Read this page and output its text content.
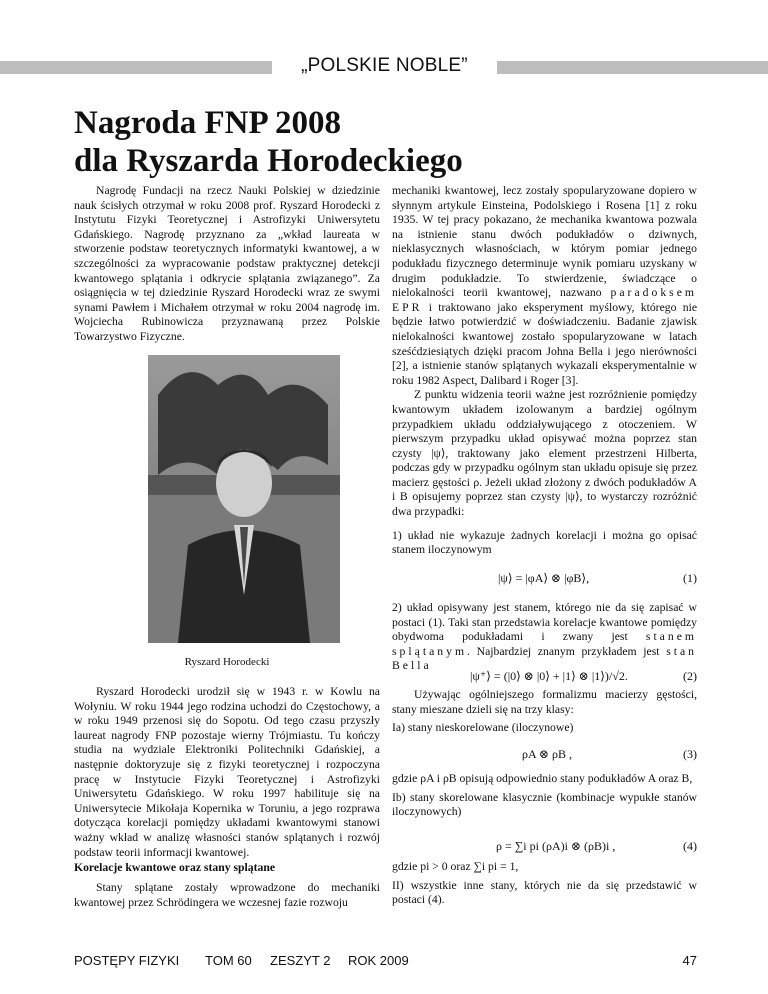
„POLSKIE NOBLE”
Nagroda FNP 2008
dla Ryszarda Horodeckiego

Nagrodę Fundacji na rzecz Nauki Polskiej w dziedzinie nauk ścisłych otrzymał w roku 2008 prof. Ryszard Horodecki z Instytutu Fizyki Teoretycznej i Astrofizyki Uniwersytetu Gdańskiego. Nagrodę przyznano za „wkład laureata w stworzenie podstaw teoretycznych informatyki kwantowej, a w szczególności za wypracowanie podstaw praktycznej detekcji kwantowego splątania i odkrycie splątania związanego”. Za osiągnięcia w tej dziedzinie Ryszard Horodecki wraz ze swymi synami Pawłem i Michałem otrzymał w roku 2004 nagrodę im. Wojciecha Rubinowicza przyznawaną przez Polskie Towarzystwo Fizyczne.

Ryszard Horodecki

Ryszard Horodecki urodził się w 1943 r. w Kowlu na Wołyniu. W roku 1944 jego rodzina uchodzi do Częstochowy, a w roku 1949 przenosi się do Sopotu. Od tego czasu przyszły laureat nagrody FNP pozostaje wierny Trójmiastu. Tu kończy studia na wydziale Elektroniki Politechniki Gdańskiej, a następnie doktoryzuje się z fizyki teoretycznej i rozpoczyna pracę w Instytucie Fizyki Teoretycznej i Astrofizyki Uniwersytetu Gdańskiego. W roku 1997 habilituje się na Uniwersytecie Mikołaja Kopernika w Toruniu, a jego rozprawa dotycząca korelacji pomiędzy układami kwantowymi stanowi ważny wkład w analizę własności stanów splątanych i rozwój podstaw teorii informacji kwantowej.

Korelacje kwantowe oraz stany splątane

Stany splątane zostały wprowadzone do mechaniki kwantowej przez Schrödingera we wczesnej fazie rozwoju

mechaniki kwantowej, lecz zostały spopularyzowane dopiero w słynnym artykule Einsteina, Podolskiego i Rosena [1] z roku 1935. W tej pracy pokazano, że mechanika kwantowa pozwala na istnienie stanu dwóch podukładów o dziwnych, nieklasycznych własnościach, w którym pomiar jednego podukładu fizycznego determinuje wynik pomiaru uzyskany w drugim podukładzie. To stwierdzenie, świadczące o nielokalności teorii kwantowej, nazwano paradoksem EPR i traktowano jako eksperyment myślowy, którego nie będzie łatwo potwierdzić w doświadczeniu. Badanie zjawisk nielokalności kwantowej zostało spopularyzowane w latach sześćdziesiątych dzięki pracom Johna Bella i jego nierówności [2], a istnienie stanów splątanych wykazali eksperymentalnie w roku 1982 Aspect, Dalibard i Roger [3].

Z punktu widzenia teorii ważne jest rozróżnienie pomiędzy kwantowym układem izolowanym a bardziej ogólnym przypadkiem układu oddziaływującego z otoczeniem. W pierwszym przypadku układ opisywać można poprzez stan czysty |ψ⟩, traktowany jako element przestrzeni Hilberta, podczas gdy w przypadku ogólnym stan układu opisuje się przez macierz gęstości ρ. Jeżeli układ złożony z dwóch podukładów A i B opisujemy poprzez stan czysty |ψ⟩, to wystarczy rozróżnić dwa przypadki:

1) układ nie wykazuje żadnych korelacji i można go opisać stanem iloczynowym

|ψ⟩ = |φA⟩ ⊗ |φB⟩,	(1)

2) układ opisywany jest stanem, którego nie da się zapisać w postaci (1). Taki stan przedstawia korelacje kwantowe pomiędzy obydwoma podukładami i zwany jest stanem splątanym. Najbardziej znanym przykładem jest stan Bella

|ψ⁺⟩ = (|0⟩ ⊗ |0⟩ + |1⟩ ⊗ |1⟩)/√2.	(2)

Używając ogólniejszego formalizmu macierzy gęstości, stany mieszane dzieli się na trzy klasy:

Ia) stany nieskorelowane (iloczynowe)

ρA ⊗ ρB ,	(3)

gdzie ρA i ρB opisują odpowiednio stany podukładów A oraz B,

Ib) stany skorelowane klasycznie (kombinacje wypukłe stanów iloczynowych)

ρ = ∑i pi (ρA)i ⊗ (ρB)i ,	(4)

gdzie pi > 0 oraz ∑i pi = 1,

II) wszystkie inne stany, których nie da się przedstawić w postaci (4).

POSTĘPY FIZYKI TOM 60 ZESZYT 2 ROK 2009	47
